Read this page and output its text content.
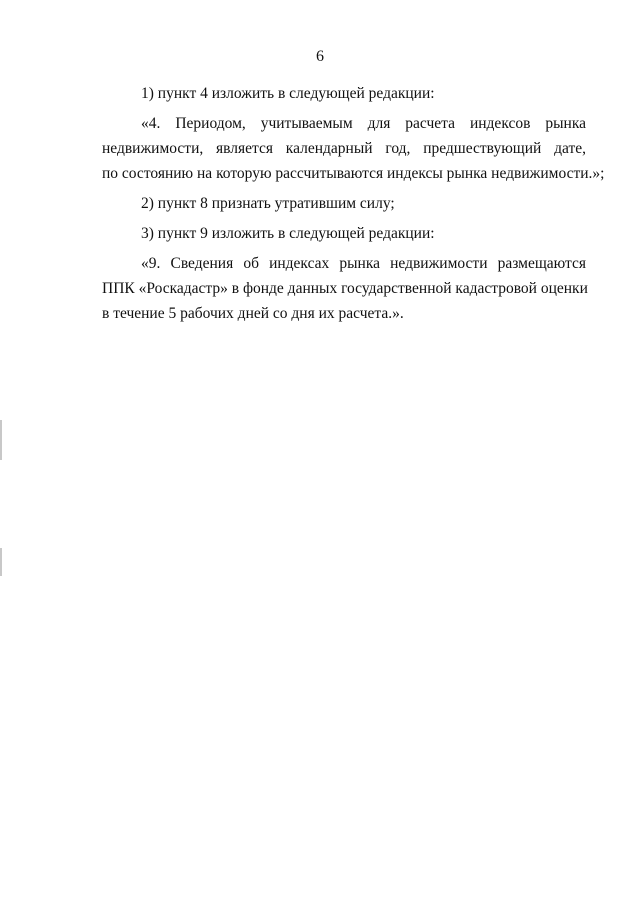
6

1) пункт 4 изложить в следующей редакции:

«4. Периодом, учитываемым для расчета индексов рынка
недвижимости, является календарный год, предшествующий дате,
по состоянию на которую рассчитываются индексы рынка недвижимости.»;

2) пункт 8 признать утратившим силу;

3) пункт 9 изложить в следующей редакции:

«9. Сведения об индексах рынка недвижимости размещаются
ППК «Роскадастр» в фонде данных государственной кадастровой оценки
в течение 5 рабочих дней со дня их расчета.».
